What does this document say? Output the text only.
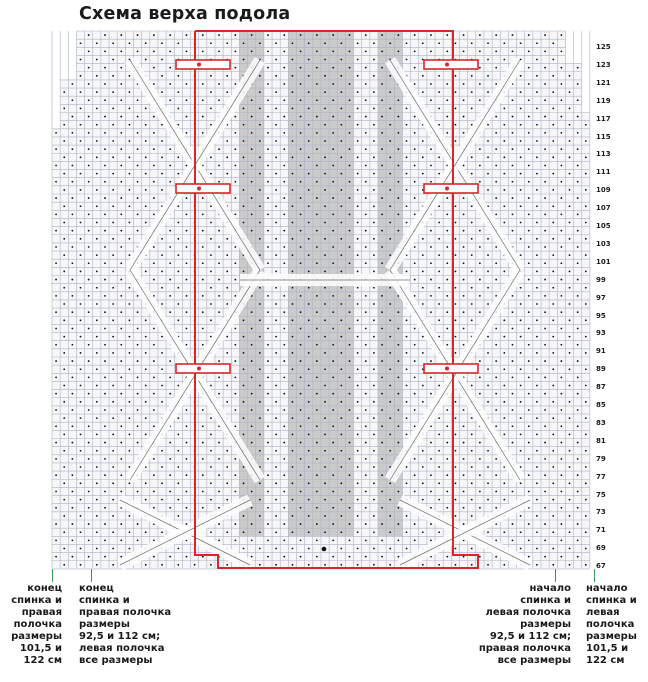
Схема верха подола
125
123
121
119
117
115
113
111
109
107
105
103
101
99
97
95
93
91
89
87
85
83
81
79
77
75
73
71
69
67
конец
спинка и
правая
полочка
размеры
101,5 и
122 см
конец
спинка и
правая полочка
размеры
92,5 и 112 см;
левая полочка
все размеры
начало
спинка и
левая полочка
размеры
92,5 и 112 см;
правая полочка
все размеры
начало
спинка и
левая
полочка
размеры
101,5 и
122 см
